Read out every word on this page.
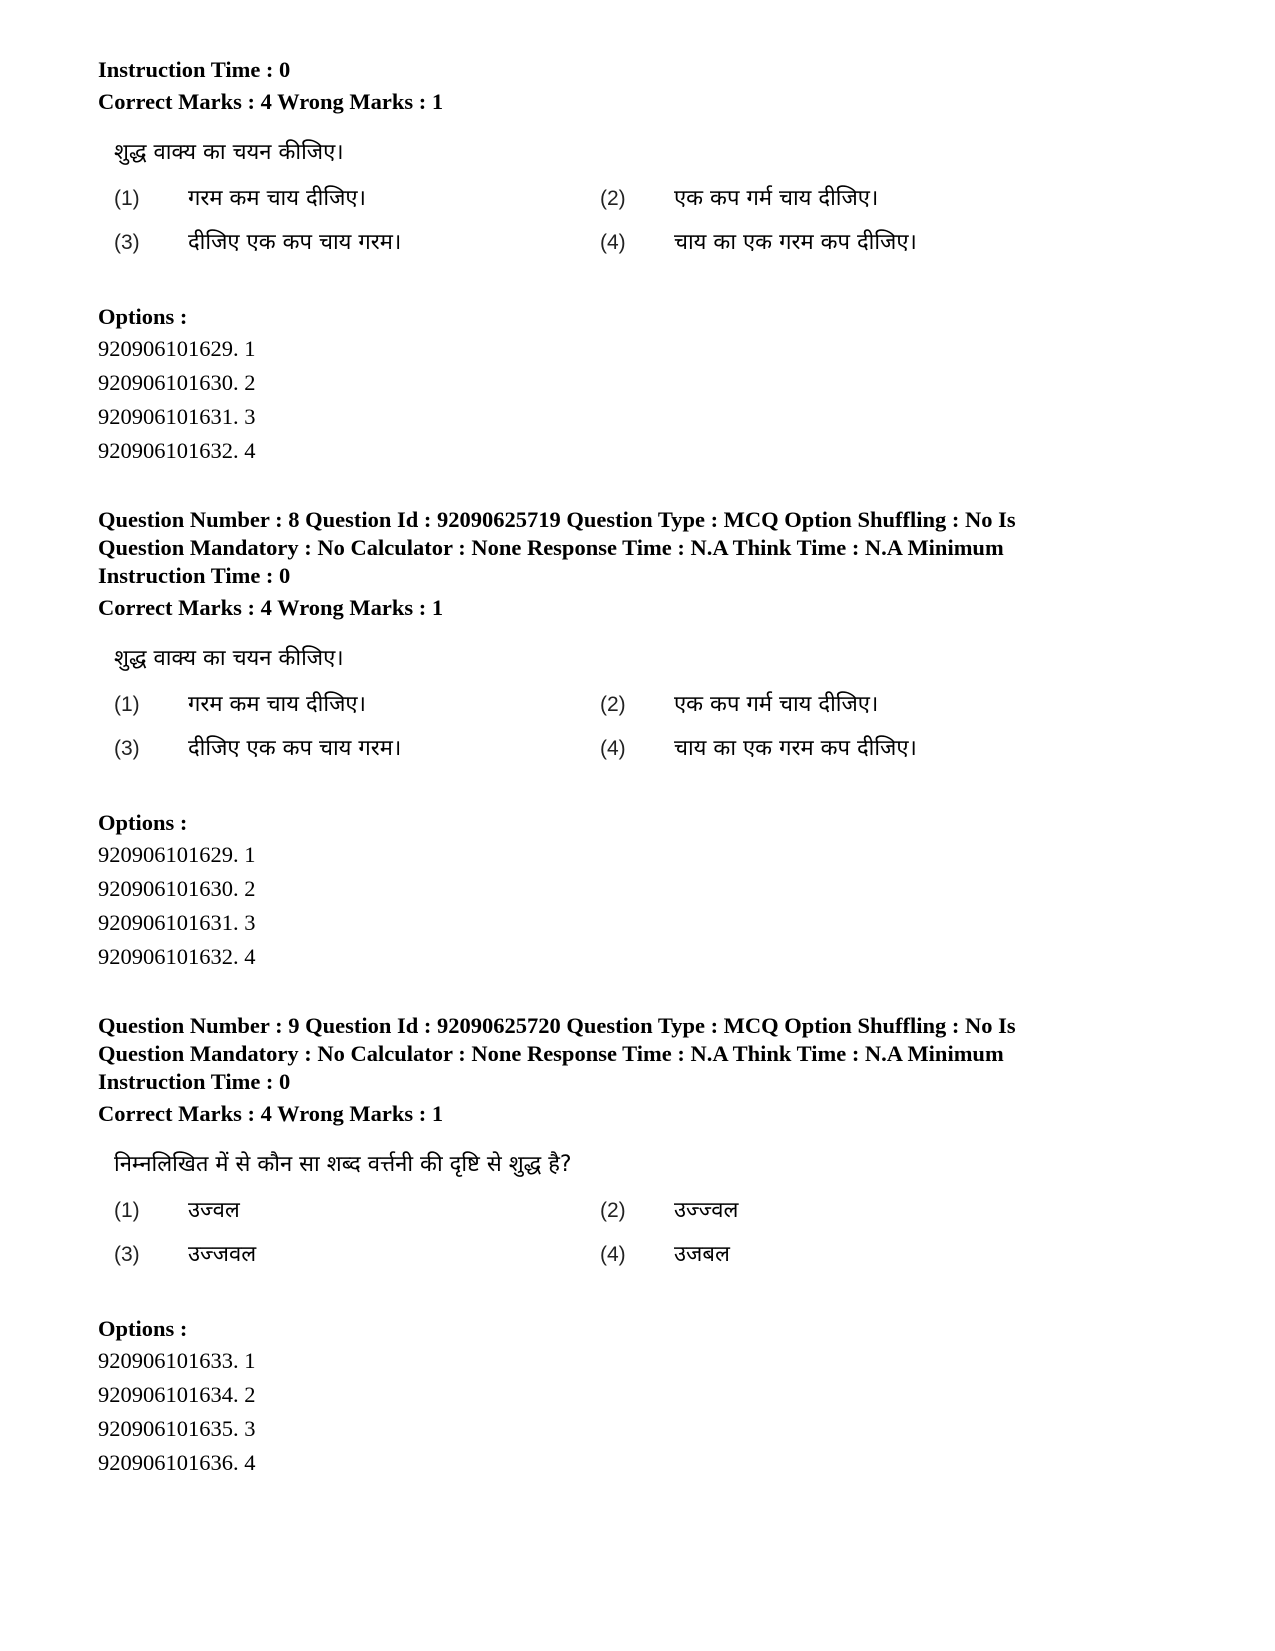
Instruction Time : 0
Correct Marks : 4 Wrong Marks : 1
शुद्ध वाक्य का चयन कीजिए।
(1)	गरम कम चाय दीजिए।	(2)	एक कप गर्म चाय दीजिए।
(3)	दीजिए एक कप चाय गरम।	(4)	चाय का एक गरम कप दीजिए।
Options :
920906101629. 1
920906101630. 2
920906101631. 3
920906101632. 4
Question Number : 8 Question Id : 92090625719 Question Type : MCQ Option Shuffling : No Is
Question Mandatory : No Calculator : None Response Time : N.A Think Time : N.A Minimum
Instruction Time : 0
Correct Marks : 4 Wrong Marks : 1
शुद्ध वाक्य का चयन कीजिए।
(1)	गरम कम चाय दीजिए।	(2)	एक कप गर्म चाय दीजिए।
(3)	दीजिए एक कप चाय गरम।	(4)	चाय का एक गरम कप दीजिए।
Options :
920906101629. 1
920906101630. 2
920906101631. 3
920906101632. 4
Question Number : 9 Question Id : 92090625720 Question Type : MCQ Option Shuffling : No Is
Question Mandatory : No Calculator : None Response Time : N.A Think Time : N.A Minimum
Instruction Time : 0
Correct Marks : 4 Wrong Marks : 1
निम्नलिखित में से कौन सा शब्द वर्त्तनी की दृष्टि से शुद्ध है?
(1)	उज्वल	(2)	उज्ज्वल
(3)	उज्जवल	(4)	उजबल
Options :
920906101633. 1
920906101634. 2
920906101635. 3
920906101636. 4
